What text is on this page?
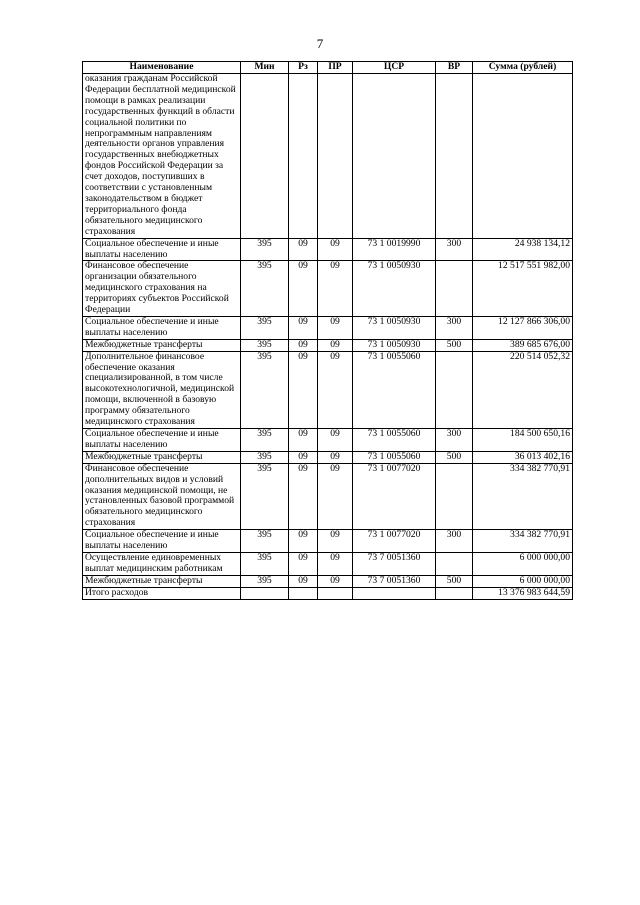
7
Наименование	Мин	Рз	ПР	ЦСР	ВР	Сумма (рублей)
оказания гражданам Российской Федерации бесплатной медицинской помощи в рамках реализации государственных функций в области социальной политики по непрограммным направлениям деятельности органов управления государственных внебюджетных фондов Российской Федерации за счет доходов, поступивших в соответствии с установленным законодательством в бюджет территориального фонда обязательного медицинского страхования						
Социальное обеспечение и иные выплаты населению	395	09	09	73 1 0019990	300	24 938 134,12
Финансовое обеспечение организации обязательного медицинского страхования на территориях субъектов Российской Федерации	395	09	09	73 1 0050930		12 517 551 982,00
Социальное обеспечение и иные выплаты населению	395	09	09	73 1 0050930	300	12 127 866 306,00
Межбюджетные трансферты	395	09	09	73 1 0050930	500	389 685 676,00
Дополнительное финансовое обеспечение оказания специализированной, в том числе высокотехнологичной, медицинской помощи, включенной в базовую программу обязательного медицинского страхования	395	09	09	73 1 0055060		220 514 052,32
Социальное обеспечение и иные выплаты населению	395	09	09	73 1 0055060	300	184 500 650,16
Межбюджетные трансферты	395	09	09	73 1 0055060	500	36 013 402,16
Финансовое обеспечение дополнительных видов и условий оказания медицинской помощи, не установленных базовой программой обязательного медицинского страхования	395	09	09	73 1 0077020		334 382 770,91
Социальное обеспечение и иные выплаты населению	395	09	09	73 1 0077020	300	334 382 770,91
Осуществление единовременных выплат медицинским работникам	395	09	09	73 7 0051360		6 000 000,00
Межбюджетные трансферты	395	09	09	73 7 0051360	500	6 000 000,00
Итого расходов						13 376 983 644,59
